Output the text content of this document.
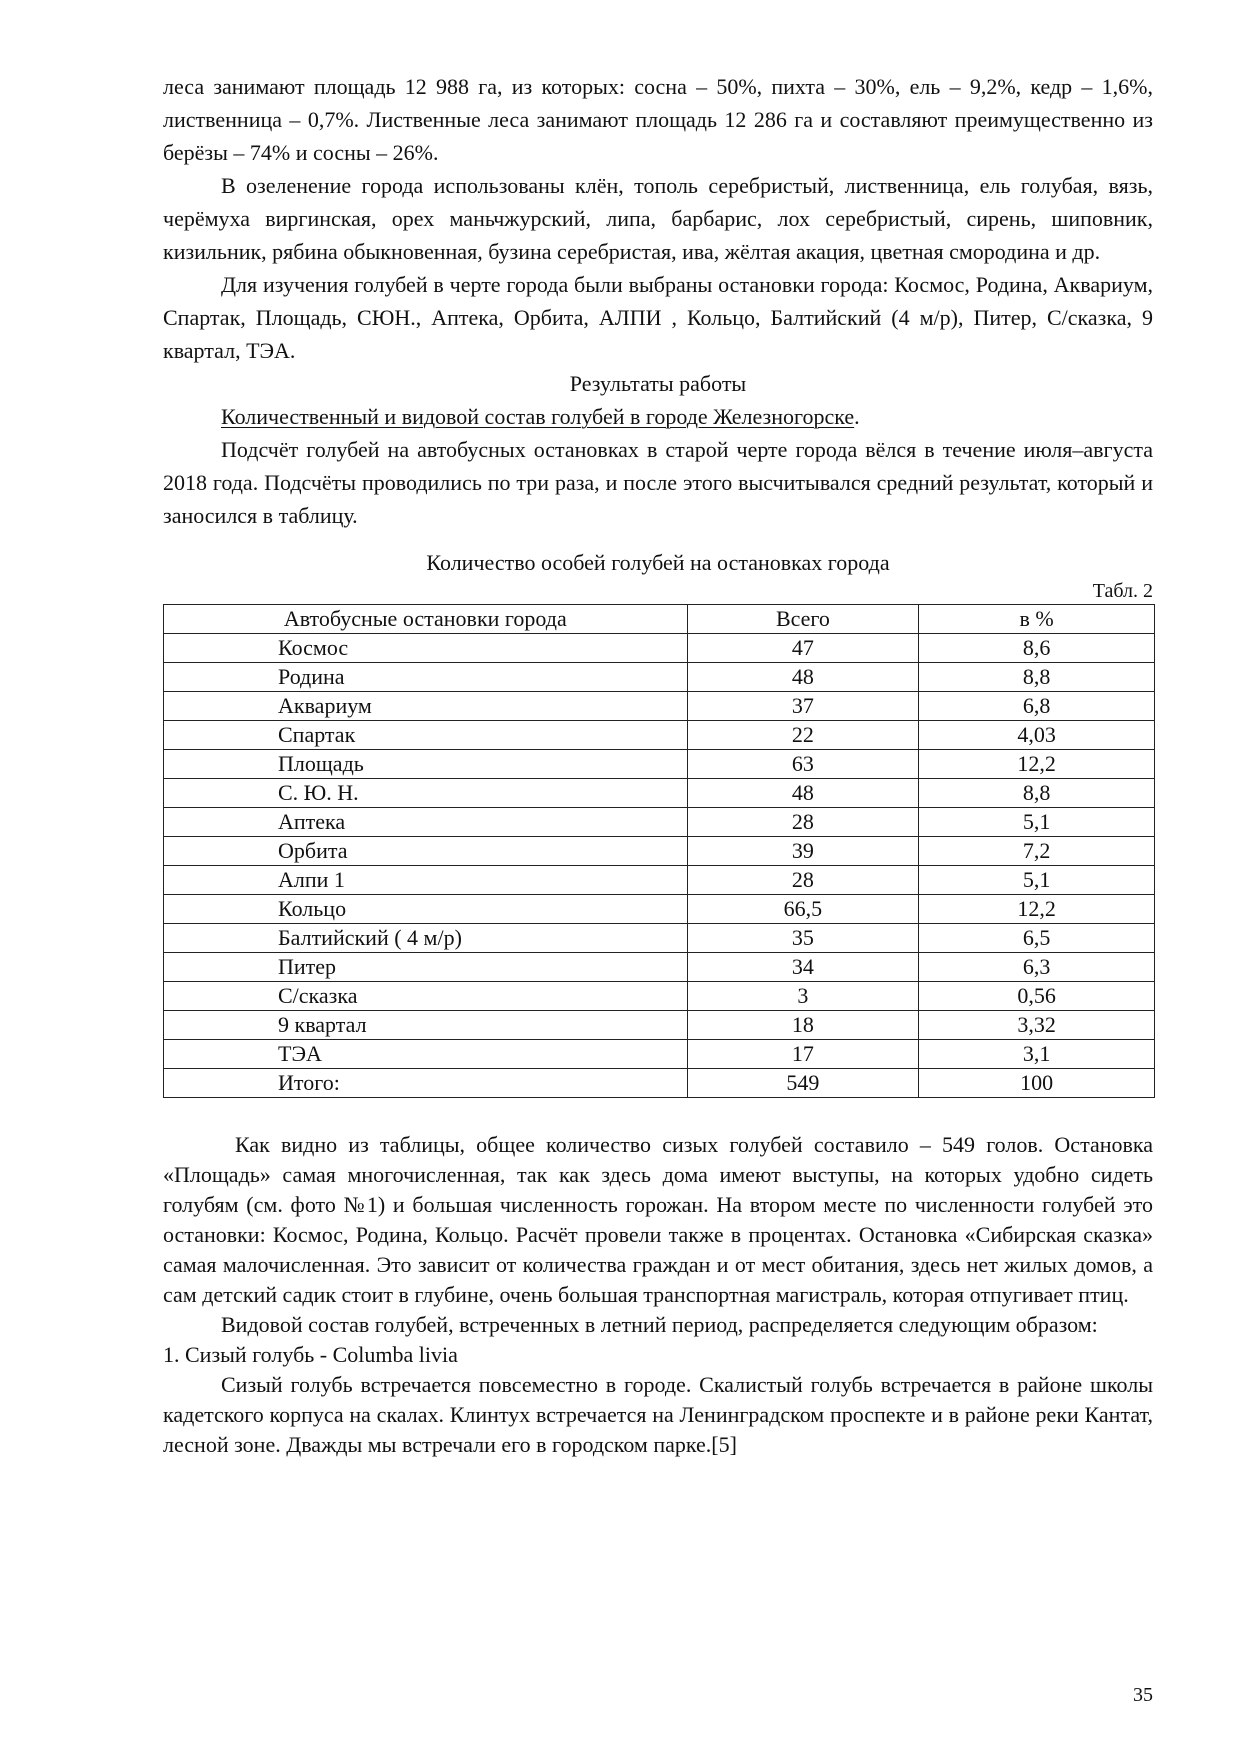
леса занимают площадь 12 988 га, из которых: сосна – 50%, пихта – 30%, ель – 9,2%, кедр – 1,6%, лиственница – 0,7%. Лиственные леса занимают площадь 12 286 га и составляют преимущественно из берёзы – 74% и сосны – 26%.

В озеленение города использованы клён, тополь серебристый, лиственница, ель голубая, вязь, черёмуха виргинская, орех маньчжурский, липа, барбарис, лох серебристый, сирень, шиповник, кизильник, рябина обыкновенная, бузина серебристая, ива, жёлтая акация, цветная смородина и др.

Для изучения голубей в черте города были выбраны остановки города: Космос, Родина, Аквариум, Спартак, Площадь, СЮН., Аптека, Орбита, АЛПИ , Кольцо, Балтийский (4 м/р), Питер, С/сказка, 9 квартал, ТЭА.

Результаты работы

Количественный и видовой состав голубей в городе Железногорске.

Подсчёт голубей на автобусных остановках в старой черте города вёлся в течение июля–августа 2018 года. Подсчёты проводились по три раза, и после этого высчитывался средний результат, который и заносился в таблицу.

Количество особей голубей на остановках города

Табл. 2
Автобусные остановки города	Всего	в %
Космос	47	8,6
Родина	48	8,8
Аквариум	37	6,8
Спартак	22	4,03
Площадь	63	12,2
С. Ю. Н.	48	8,8
Аптека	28	5,1
Орбита	39	7,2
Алпи 1	28	5,1
Кольцо	66,5	12,2
Балтийский ( 4 м/р)	35	6,5
Питер	34	6,3
С/сказка	3	0,56
9 квартал	18	3,32
ТЭА	17	3,1
Итого:	549	100

Как видно из таблицы, общее количество сизых голубей составило – 549 голов. Остановка «Площадь» самая многочисленная, так как здесь дома имеют выступы, на которых удобно сидеть голубям (см. фото №1) и большая численность горожан. На втором месте по численности голубей это остановки: Космос, Родина, Кольцо. Расчёт провели также в процентах. Остановка «Сибирская сказка» самая малочисленная. Это зависит от количества граждан и от мест обитания, здесь нет жилых домов, а сам детский садик стоит в глубине, очень большая транспортная магистраль, которая отпугивает птиц.

Видовой состав голубей, встреченных в летний период, распределяется следующим образом:

1. Сизый голубь - Columba livia

Сизый голубь встречается повсеместно в городе. Скалистый голубь встречается в районе школы кадетского корпуса на скалах. Клинтух встречается на Ленинградском проспекте и в районе реки Кантат, лесной зоне. Дважды мы встречали его в городском парке.[5]

35
